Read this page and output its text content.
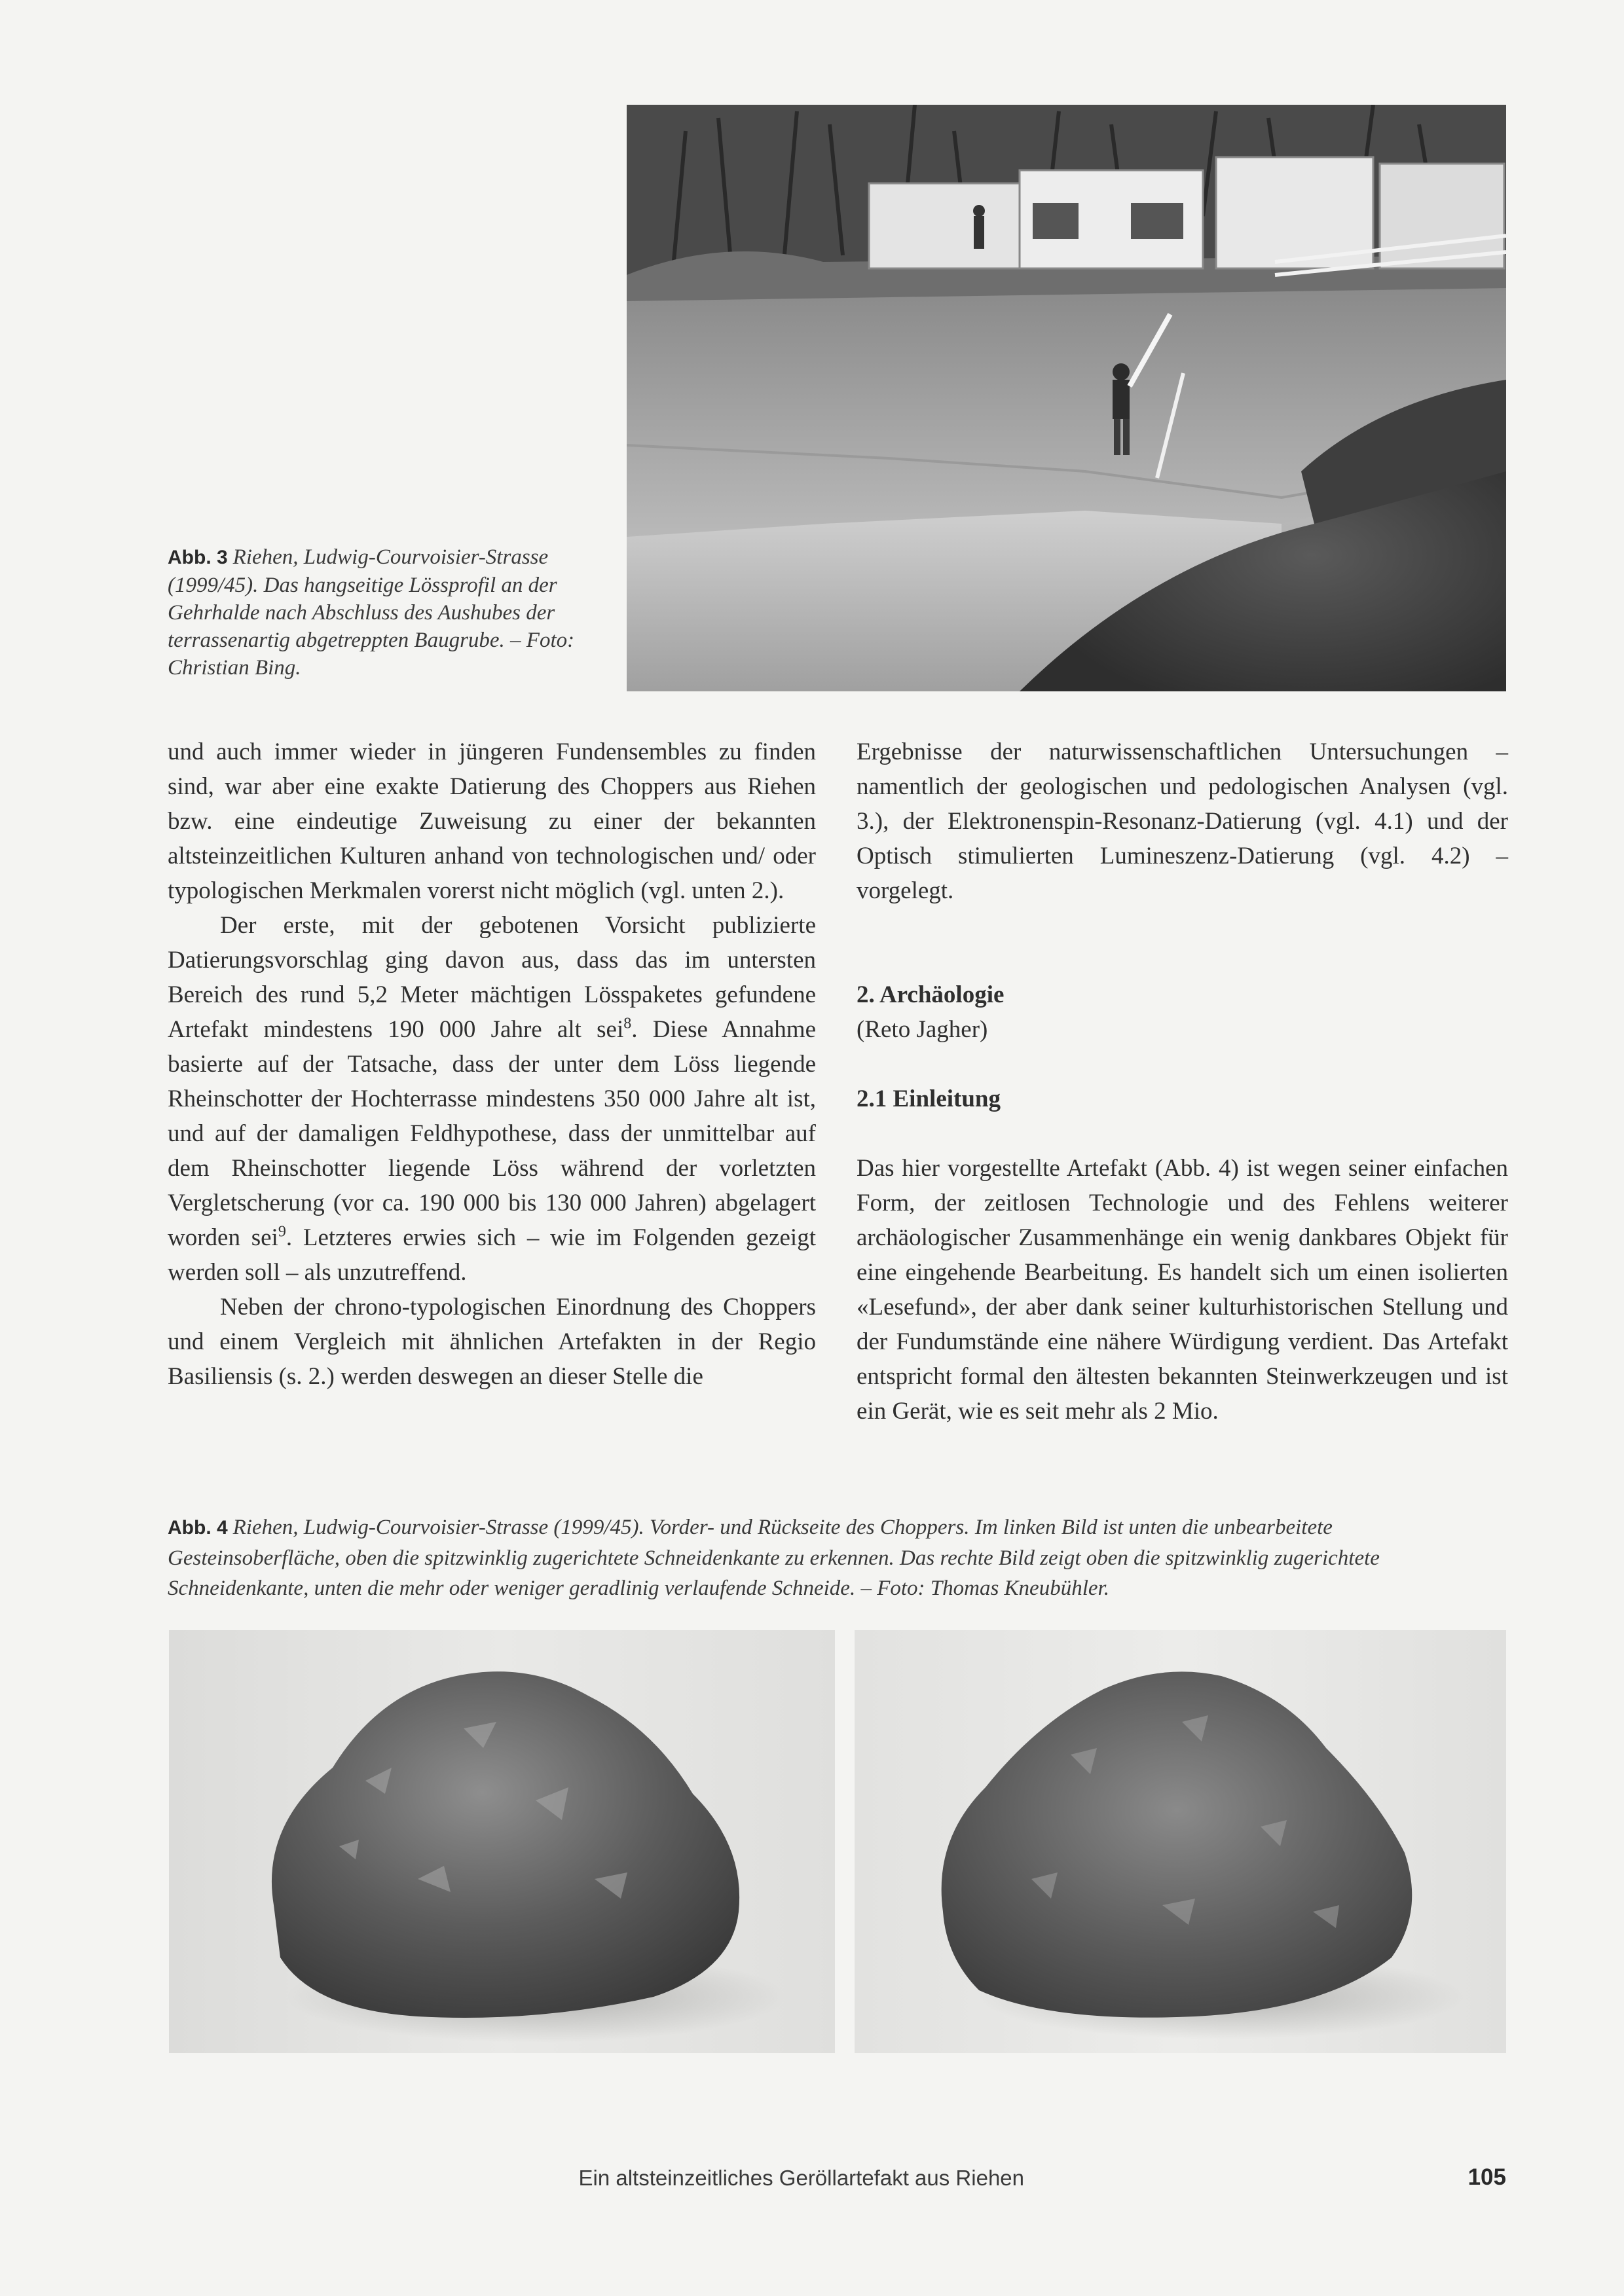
Abb. 3 Riehen, Ludwig-Courvoisier-Strasse (1999/45). Das hangseitige Lössprofil an der Gehrhalde nach Abschluss des Aushubes der terrassenartig abgetreppten Baugrube. – Foto: Christian Bing.

und auch immer wieder in jüngeren Fundensembles zu finden sind, war aber eine exakte Datierung des Choppers aus Riehen bzw. eine eindeutige Zuweisung zu einer der bekannten altsteinzeitlichen Kulturen anhand von technologischen und/ oder typologischen Merkmalen vorerst nicht möglich (vgl. unten 2.).

Der erste, mit der gebotenen Vorsicht publizierte Datierungsvorschlag ging davon aus, dass das im untersten Bereich des rund 5,2 Meter mächtigen Lösspaketes gefundene Artefakt mindestens 190 000 Jahre alt sei$^8$. Diese Annahme basierte auf der Tatsache, dass der unter dem Löss liegende Rheinschotter der Hochterrasse mindestens 350 000 Jahre alt ist, und auf der damaligen Feldhypothese, dass der unmittelbar auf dem Rheinschotter liegende Löss während der vorletzten Vergletscherung (vor ca. 190 000 bis 130 000 Jahren) abgelagert worden sei$^9$. Letzteres erwies sich – wie im Folgenden gezeigt werden soll – als unzutreffend.

Neben der chrono-typologischen Einordnung des Choppers und einem Vergleich mit ähnlichen Artefakten in der Regio Basiliensis (s. 2.) werden deswegen an dieser Stelle die

Ergebnisse der naturwissenschaftlichen Untersuchungen – namentlich der geologischen und pedologischen Analysen (vgl. 3.), der Elektronenspin-Resonanz-Datierung (vgl. 4.1) und der Optisch stimulierten Lumineszenz-Datierung (vgl. 4.2) – vorgelegt.

2. Archäologie

(Reto Jagher)

2.1 Einleitung

Das hier vorgestellte Artefakt (Abb. 4) ist wegen seiner einfachen Form, der zeitlosen Technologie und des Fehlens weiterer archäologischer Zusammenhänge ein wenig dankbares Objekt für eine eingehende Bearbeitung. Es handelt sich um einen isolierten «Lesefund», der aber dank seiner kulturhistorischen Stellung und der Fundumstände eine nähere Würdigung verdient. Das Artefakt entspricht formal den ältesten bekannten Steinwerkzeugen und ist ein Gerät, wie es seit mehr als 2 Mio.

Abb. 4 Riehen, Ludwig-Courvoisier-Strasse (1999/45). Vorder- und Rückseite des Choppers. Im linken Bild ist unten die unbearbeitete Gesteinsoberfläche, oben die spitzwinklig zugerichtete Schneidenkante zu erkennen. Das rechte Bild zeigt oben die spitzwinklig zugerichtete Schneidenkante, unten die mehr oder weniger geradlinig verlaufende Schneide. – Foto: Thomas Kneubühler.
Ein altsteinzeitliches Geröllartefakt aus Riehen	105
